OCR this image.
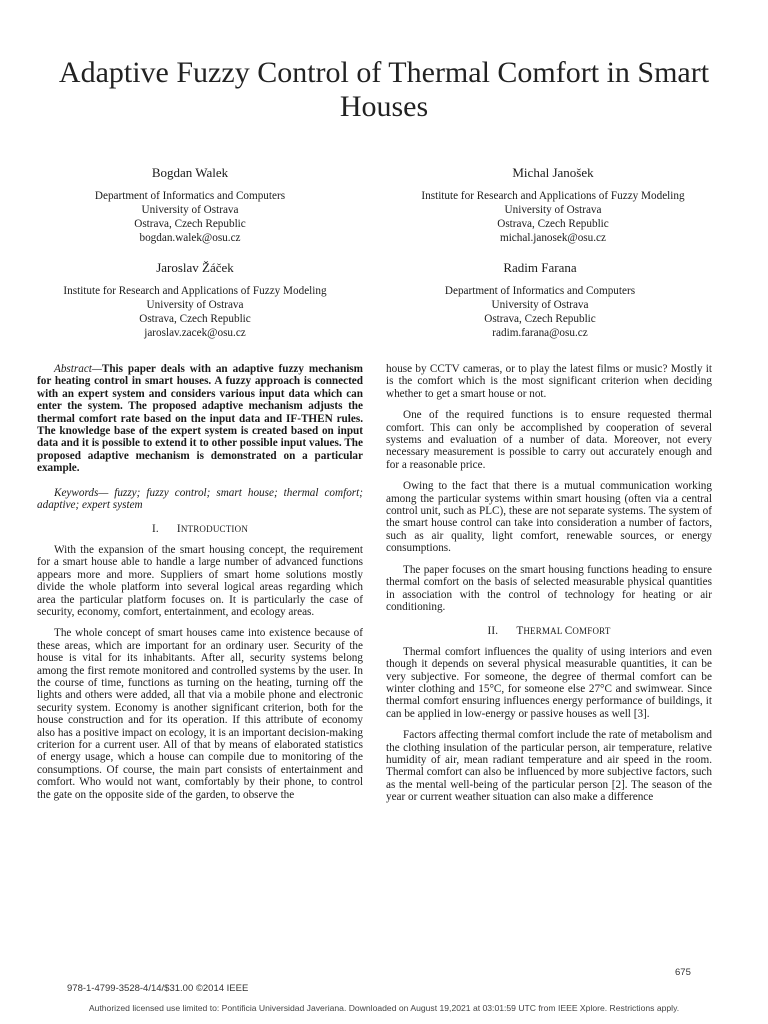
Adaptive Fuzzy Control of Thermal Comfort in Smart Houses
Bogdan Walek
Department of Informatics and Computers
University of Ostrava
Ostrava, Czech Republic
bogdan.walek@osu.cz
Michal Janošek
Institute for Research and Applications of Fuzzy Modeling
University of Ostrava
Ostrava, Czech Republic
michal.janosek@osu.cz
Jaroslav Žáček
Institute for Research and Applications of Fuzzy Modeling
University of Ostrava
Ostrava, Czech Republic
jaroslav.zacek@osu.cz
Radim Farana
Department of Informatics and Computers
University of Ostrava
Ostrava, Czech Republic
radim.farana@osu.cz

Abstract—This paper deals with an adaptive fuzzy mechanism for heating control in smart houses. A fuzzy approach is connected with an expert system and considers various input data which can enter the system. The proposed adaptive mechanism adjusts the thermal comfort rate based on the input data and IF-THEN rules. The knowledge base of the expert system is created based on input data and it is possible to extend it to other possible input values. The proposed adaptive mechanism is demonstrated on a particular example.

Keywords— fuzzy; fuzzy control; smart house; thermal comfort; adaptive; expert system

I. INTRODUCTION

With the expansion of the smart housing concept, the requirement for a smart house able to handle a large number of advanced functions appears more and more. Suppliers of smart home solutions mostly divide the whole platform into several logical areas regarding which area the particular platform focuses on. It is particularly the case of security, economy, comfort, entertainment, and ecology areas.

The whole concept of smart houses came into existence because of these areas, which are important for an ordinary user. Security of the house is vital for its inhabitants. After all, security systems belong among the first remote monitored and controlled systems by the user. In the course of time, functions as turning on the heating, turning off the lights and others were added, all that via a mobile phone and electronic security system. Economy is another significant criterion, both for the house construction and for its operation. If this attribute of economy also has a positive impact on ecology, it is an important decision-making criterion for a current user. All of that by means of elaborated statistics of energy usage, which a house can compile due to monitoring of the consumptions. Of course, the main part consists of entertainment and comfort. Who would not want, comfortably by their phone, to control the gate on the opposite side of the garden, to observe the

house by CCTV cameras, or to play the latest films or music? Mostly it is the comfort which is the most significant criterion when deciding whether to get a smart house or not.

One of the required functions is to ensure requested thermal comfort. This can only be accomplished by cooperation of several systems and evaluation of a number of data. Moreover, not every necessary measurement is possible to carry out accurately enough and for a reasonable price.

Owing to the fact that there is a mutual communication working among the particular systems within smart housing (often via a central control unit, such as PLC), these are not separate systems. The system of the smart house control can take into consideration a number of factors, such as air quality, light comfort, renewable sources, or energy consumptions.

The paper focuses on the smart housing functions heading to ensure thermal comfort on the basis of selected measurable physical quantities in association with the control of technology for heating or air conditioning.

II. THERMAL COMFORT

Thermal comfort influences the quality of using interiors and even though it depends on several physical measurable quantities, it can be very subjective. For someone, the degree of thermal comfort can be winter clothing and 15°C, for someone else 27°C and swimwear. Since thermal comfort ensuring influences energy performance of buildings, it can be applied in low-energy or passive houses as well [3].

Factors affecting thermal comfort include the rate of metabolism and the clothing insulation of the particular person, air temperature, relative humidity of air, mean radiant temperature and air speed in the room. Thermal comfort can also be influenced by more subjective factors, such as the mental well-being of the particular person [2]. The season of the year or current weather situation can also make a difference

675
978-1-4799-3528-4/14/$31.00 ©2014 IEEE
Authorized licensed use limited to: Pontificia Universidad Javeriana. Downloaded on August 19,2021 at 03:01:59 UTC from IEEE Xplore. Restrictions apply.
